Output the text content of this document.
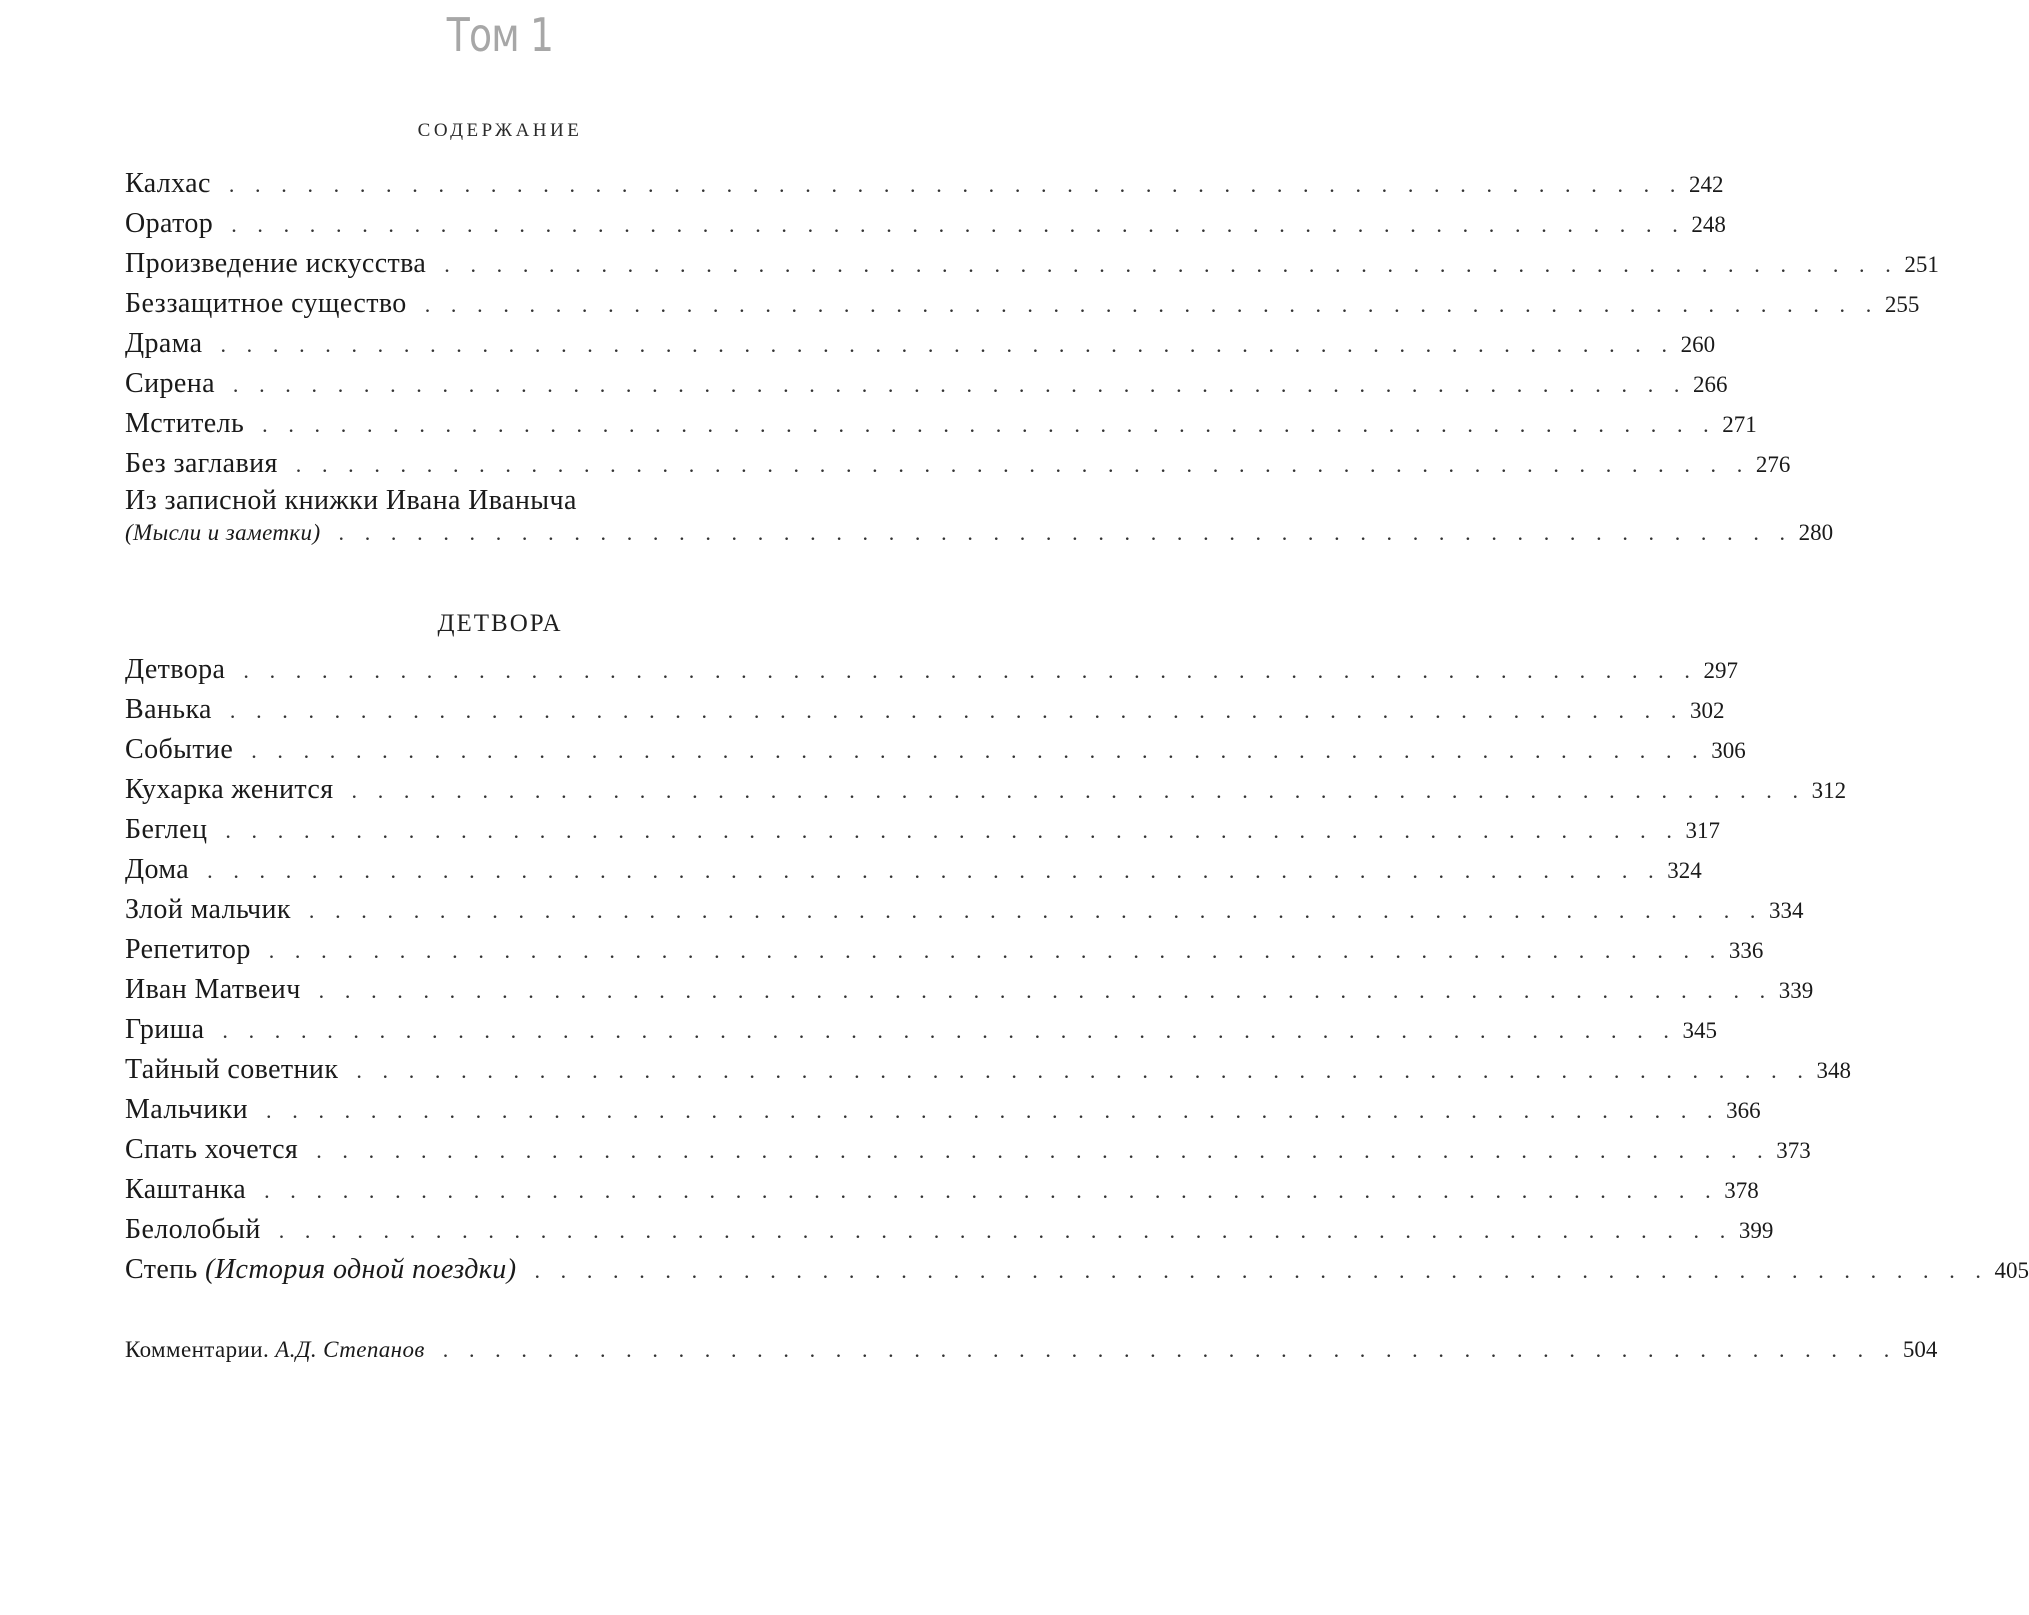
Том 1
СОДЕРЖАНИЕ
Калхас . . . . . . . . . . . . . . . . . . . . . . . . . . . . . . . . . . . . . . . . . . . . . . . . . . . . . . . . 242
Оратор . . . . . . . . . . . . . . . . . . . . . . . . . . . . . . . . . . . . . . . . . . . . . . . . . . . . . . . . 248
Произведение искусства . . . . . . . . . . . . . . . . . . . . . . . . . . . . . . . . . . . . . . . . . . . . . . . . . . . . . . . . 251
Беззащитное существо . . . . . . . . . . . . . . . . . . . . . . . . . . . . . . . . . . . . . . . . . . . . . . . . . . . . . . . . 255
Драма . . . . . . . . . . . . . . . . . . . . . . . . . . . . . . . . . . . . . . . . . . . . . . . . . . . . . . . . 260
Сирена . . . . . . . . . . . . . . . . . . . . . . . . . . . . . . . . . . . . . . . . . . . . . . . . . . . . . . . . 266
Мститель . . . . . . . . . . . . . . . . . . . . . . . . . . . . . . . . . . . . . . . . . . . . . . . . . . . . . . . . 271
Без заглавия . . . . . . . . . . . . . . . . . . . . . . . . . . . . . . . . . . . . . . . . . . . . . . . . . . . . . . . . 276
Из записной книжки Ивана Иваныча
(Мысли и заметки) . . . . . . . . . . . . . . . . . . . . . . . . . . . . . . . . . . . . . . . . . . . . . . . . . . . . . . . . 280
ДЕТВОРА
Детвора . . . . . . . . . . . . . . . . . . . . . . . . . . . . . . . . . . . . . . . . . . . . . . . . . . . . . . . . 297
Ванька . . . . . . . . . . . . . . . . . . . . . . . . . . . . . . . . . . . . . . . . . . . . . . . . . . . . . . . . 302
Событие . . . . . . . . . . . . . . . . . . . . . . . . . . . . . . . . . . . . . . . . . . . . . . . . . . . . . . . . 306
Кухарка женится . . . . . . . . . . . . . . . . . . . . . . . . . . . . . . . . . . . . . . . . . . . . . . . . . . . . . . . . 312
Беглец . . . . . . . . . . . . . . . . . . . . . . . . . . . . . . . . . . . . . . . . . . . . . . . . . . . . . . . . 317
Дома . . . . . . . . . . . . . . . . . . . . . . . . . . . . . . . . . . . . . . . . . . . . . . . . . . . . . . . . 324
Злой мальчик . . . . . . . . . . . . . . . . . . . . . . . . . . . . . . . . . . . . . . . . . . . . . . . . . . . . . . . . 334
Репетитор . . . . . . . . . . . . . . . . . . . . . . . . . . . . . . . . . . . . . . . . . . . . . . . . . . . . . . . . 336
Иван Матвеич . . . . . . . . . . . . . . . . . . . . . . . . . . . . . . . . . . . . . . . . . . . . . . . . . . . . . . . . 339
Гриша . . . . . . . . . . . . . . . . . . . . . . . . . . . . . . . . . . . . . . . . . . . . . . . . . . . . . . . . 345
Тайный советник . . . . . . . . . . . . . . . . . . . . . . . . . . . . . . . . . . . . . . . . . . . . . . . . . . . . . . . . 348
Мальчики . . . . . . . . . . . . . . . . . . . . . . . . . . . . . . . . . . . . . . . . . . . . . . . . . . . . . . . . 366
Спать хочется . . . . . . . . . . . . . . . . . . . . . . . . . . . . . . . . . . . . . . . . . . . . . . . . . . . . . . . . 373
Каштанка . . . . . . . . . . . . . . . . . . . . . . . . . . . . . . . . . . . . . . . . . . . . . . . . . . . . . . . . 378
Белолобый . . . . . . . . . . . . . . . . . . . . . . . . . . . . . . . . . . . . . . . . . . . . . . . . . . . . . . . . 399
Степь (История одной поездки) . . . . . . . . . . . . . . . . . . . . . . . . . . . . . . . . . . . . . . . . . . . . . . . . . . . . . . . . 405
Комментарии. А.Д. Степанов . . . . . . . . . . . . . . . . . . . . . . . . . . . . . . . . . . . . . . . . . . . . . . . . . . . . . . . . 504
